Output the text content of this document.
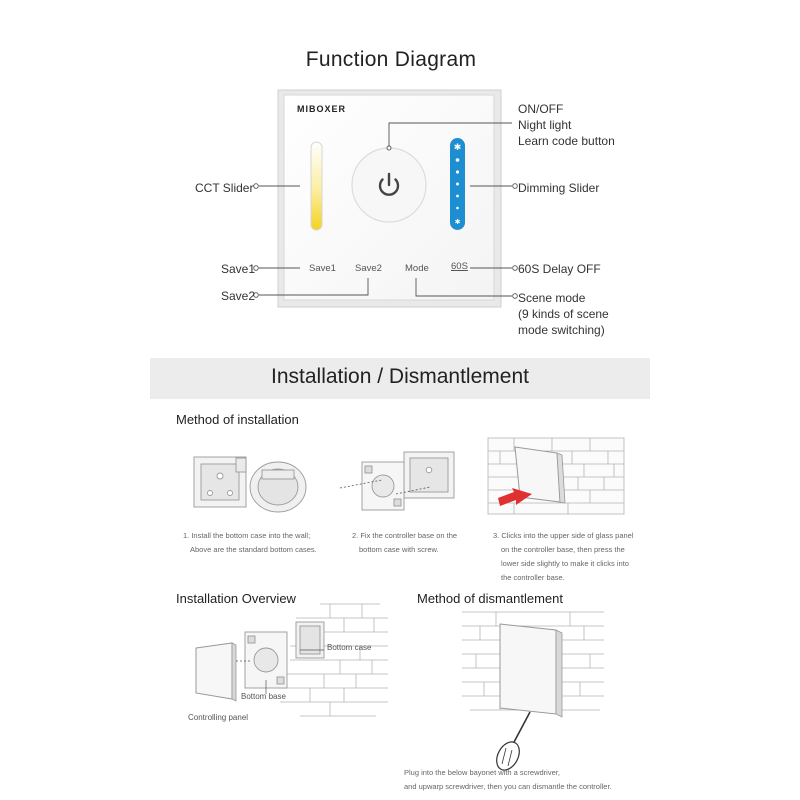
Function Diagram
✱
✱
MIBOXER
Save1 Save2 Mode 60S
ON/OFF
Night light
Learn code button
CCT Slider	Dimming Slider
Save1
Save2
60S Delay OFF
Scene mode
(9 kinds of scene
mode switching)
Installation / Dismantlement
Method of installation
1. Install the bottom case into the wall;
Above are the standard bottom cases.
2. Fix the controller base on the
bottom case with screw.
3. Clicks into the upper side of glass panel
on the controller base, then press the
lower side slightly to make it clicks into
the controller base.
Installation Overview	Method of dismantlement
Bottom case
Bottom base
Controlling panel
Plug into the below bayonet with a screwdriver,
and upwarp screwdriver, then you can dismantle the controller.
